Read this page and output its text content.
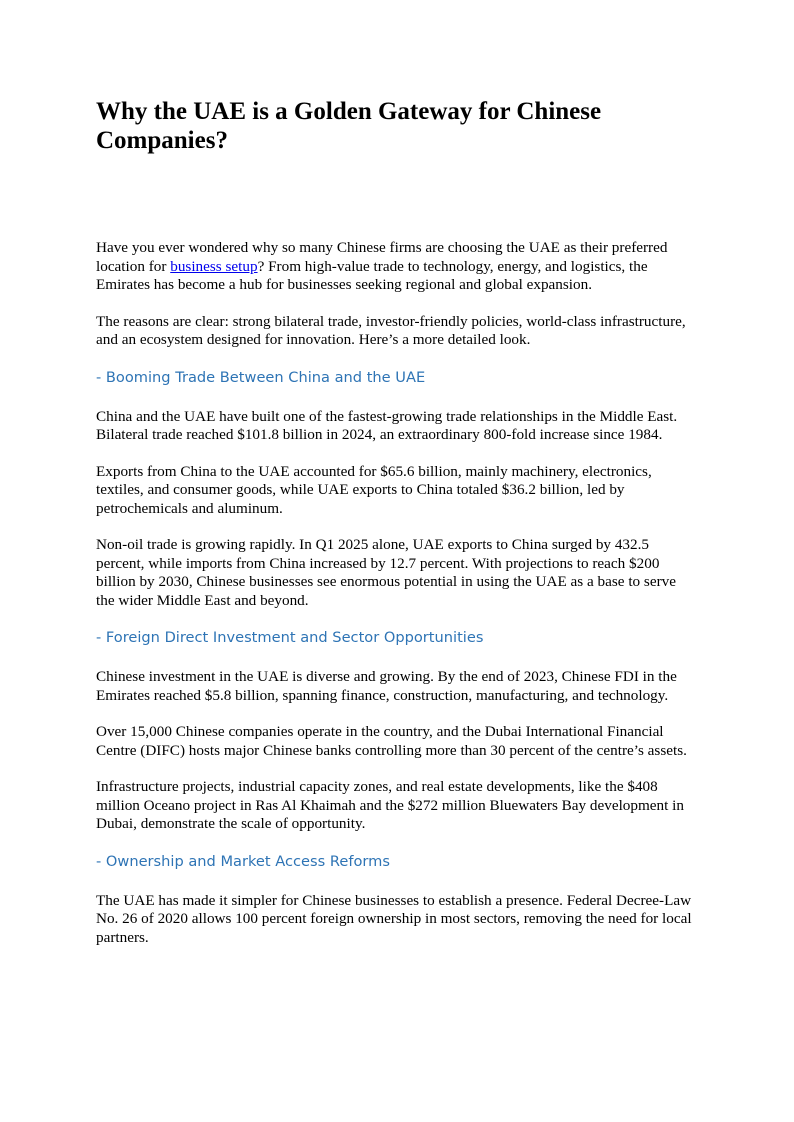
Why the UAE is a Golden Gateway for Chinese Companies?

Have you ever wondered why so many Chinese firms are choosing the UAE as their preferred location for business setup? From high-value trade to technology, energy, and logistics, the Emirates has become a hub for businesses seeking regional and global expansion.

The reasons are clear: strong bilateral trade, investor-friendly policies, world-class infrastructure, and an ecosystem designed for innovation. Here’s a more detailed look.

- Booming Trade Between China and the UAE

China and the UAE have built one of the fastest-growing trade relationships in the Middle East. Bilateral trade reached $101.8 billion in 2024, an extraordinary 800-fold increase since 1984.

Exports from China to the UAE accounted for $65.6 billion, mainly machinery, electronics, textiles, and consumer goods, while UAE exports to China totaled $36.2 billion, led by petrochemicals and aluminum.

Non-oil trade is growing rapidly. In Q1 2025 alone, UAE exports to China surged by 432.5 percent, while imports from China increased by 12.7 percent. With projections to reach $200 billion by 2030, Chinese businesses see enormous potential in using the UAE as a base to serve the wider Middle East and beyond.

- Foreign Direct Investment and Sector Opportunities

Chinese investment in the UAE is diverse and growing. By the end of 2023, Chinese FDI in the Emirates reached $5.8 billion, spanning finance, construction, manufacturing, and technology.

Over 15,000 Chinese companies operate in the country, and the Dubai International Financial Centre (DIFC) hosts major Chinese banks controlling more than 30 percent of the centre’s assets.

Infrastructure projects, industrial capacity zones, and real estate developments, like the $408 million Oceano project in Ras Al Khaimah and the $272 million Bluewaters Bay development in Dubai, demonstrate the scale of opportunity.

- Ownership and Market Access Reforms

The UAE has made it simpler for Chinese businesses to establish a presence. Federal Decree-Law No. 26 of 2020 allows 100 percent foreign ownership in most sectors, removing the need for local partners.
